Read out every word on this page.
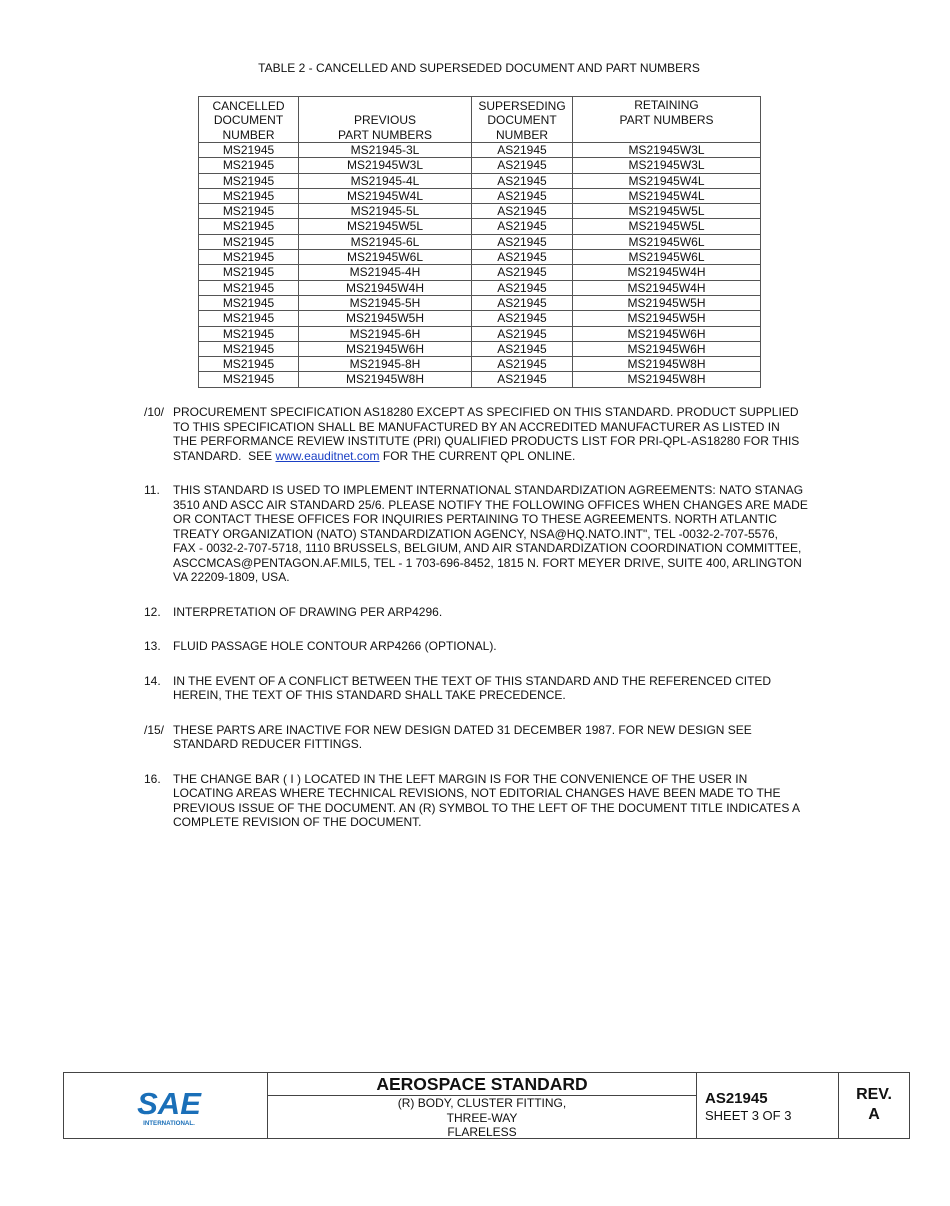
TABLE 2 - CANCELLED AND SUPERSEDED DOCUMENT AND PART NUMBERS
CANCELLED
DOCUMENT
NUMBER	PREVIOUS
PART NUMBERS	SUPERSEDING
DOCUMENT
NUMBER	RETAINING
PART NUMBERS

MS21945	MS21945-3L	AS21945	MS21945W3L
MS21945	MS21945W3L	AS21945	MS21945W3L
MS21945	MS21945-4L	AS21945	MS21945W4L
MS21945	MS21945W4L	AS21945	MS21945W4L
MS21945	MS21945-5L	AS21945	MS21945W5L
MS21945	MS21945W5L	AS21945	MS21945W5L
MS21945	MS21945-6L	AS21945	MS21945W6L
MS21945	MS21945W6L	AS21945	MS21945W6L
MS21945	MS21945-4H	AS21945	MS21945W4H
MS21945	MS21945W4H	AS21945	MS21945W4H
MS21945	MS21945-5H	AS21945	MS21945W5H
MS21945	MS21945W5H	AS21945	MS21945W5H
MS21945	MS21945-6H	AS21945	MS21945W6H
MS21945	MS21945W6H	AS21945	MS21945W6H
MS21945	MS21945-8H	AS21945	MS21945W8H
MS21945	MS21945W8H	AS21945	MS21945W8H
/10/ PROCUREMENT SPECIFICATION AS18280 EXCEPT AS SPECIFIED ON THIS STANDARD. PRODUCT SUPPLIED
TO THIS SPECIFICATION SHALL BE MANUFACTURED BY AN ACCREDITED MANUFACTURER AS LISTED IN
THE PERFORMANCE REVIEW INSTITUTE (PRI) QUALIFIED PRODUCTS LIST FOR PRI-QPL-AS18280 FOR THIS
STANDARD.  SEE www.eauditnet.com FOR THE CURRENT QPL ONLINE.
11.	THIS STANDARD IS USED TO IMPLEMENT INTERNATIONAL STANDARDIZATION AGREEMENTS: NATO STANAG
3510 AND ASCC AIR STANDARD 25/6. PLEASE NOTIFY THE FOLLOWING OFFICES WHEN CHANGES ARE MADE
OR CONTACT THESE OFFICES FOR INQUIRIES PERTAINING TO THESE AGREEMENTS. NORTH ATLANTIC
TREATY ORGANIZATION (NATO) STANDARDIZATION AGENCY, NSA@HQ.NATO.INT", TEL -0032-2-707-5576,
FAX - 0032-2-707-5718, 1110 BRUSSELS, BELGIUM, AND AIR STANDARDIZATION COORDINATION COMMITTEE,
ASCCMCAS@PENTAGON.AF.MIL5, TEL - 1 703-696-8452, 1815 N. FORT MEYER DRIVE, SUITE 400, ARLINGTON
VA 22209-1809, USA.
12.	INTERPRETATION OF DRAWING PER ARP4296.
13.	FLUID PASSAGE HOLE CONTOUR ARP4266 (OPTIONAL).
14.	IN THE EVENT OF A CONFLICT BETWEEN THE TEXT OF THIS STANDARD AND THE REFERENCED CITED
HEREIN, THE TEXT OF THIS STANDARD SHALL TAKE PRECEDENCE.
/15/ THESE PARTS ARE INACTIVE FOR NEW DESIGN DATED 31 DECEMBER 1987. FOR NEW DESIGN SEE
STANDARD REDUCER FITTINGS.
16.	THE CHANGE BAR ( I ) LOCATED IN THE LEFT MARGIN IS FOR THE CONVENIENCE OF THE USER IN
LOCATING AREAS WHERE TECHNICAL REVISIONS, NOT EDITORIAL CHANGES HAVE BEEN MADE TO THE
PREVIOUS ISSUE OF THE DOCUMENT. AN (R) SYMBOL TO THE LEFT OF THE DOCUMENT TITLE INDICATES A
COMPLETE REVISION OF THE DOCUMENT.
SAE
INTERNATIONAL.
AEROSPACE STANDARD
(R) BODY, CLUSTER FITTING,
THREE-WAY
FLARELESS
AS21945
SHEET 3 OF 3
REV.
A
